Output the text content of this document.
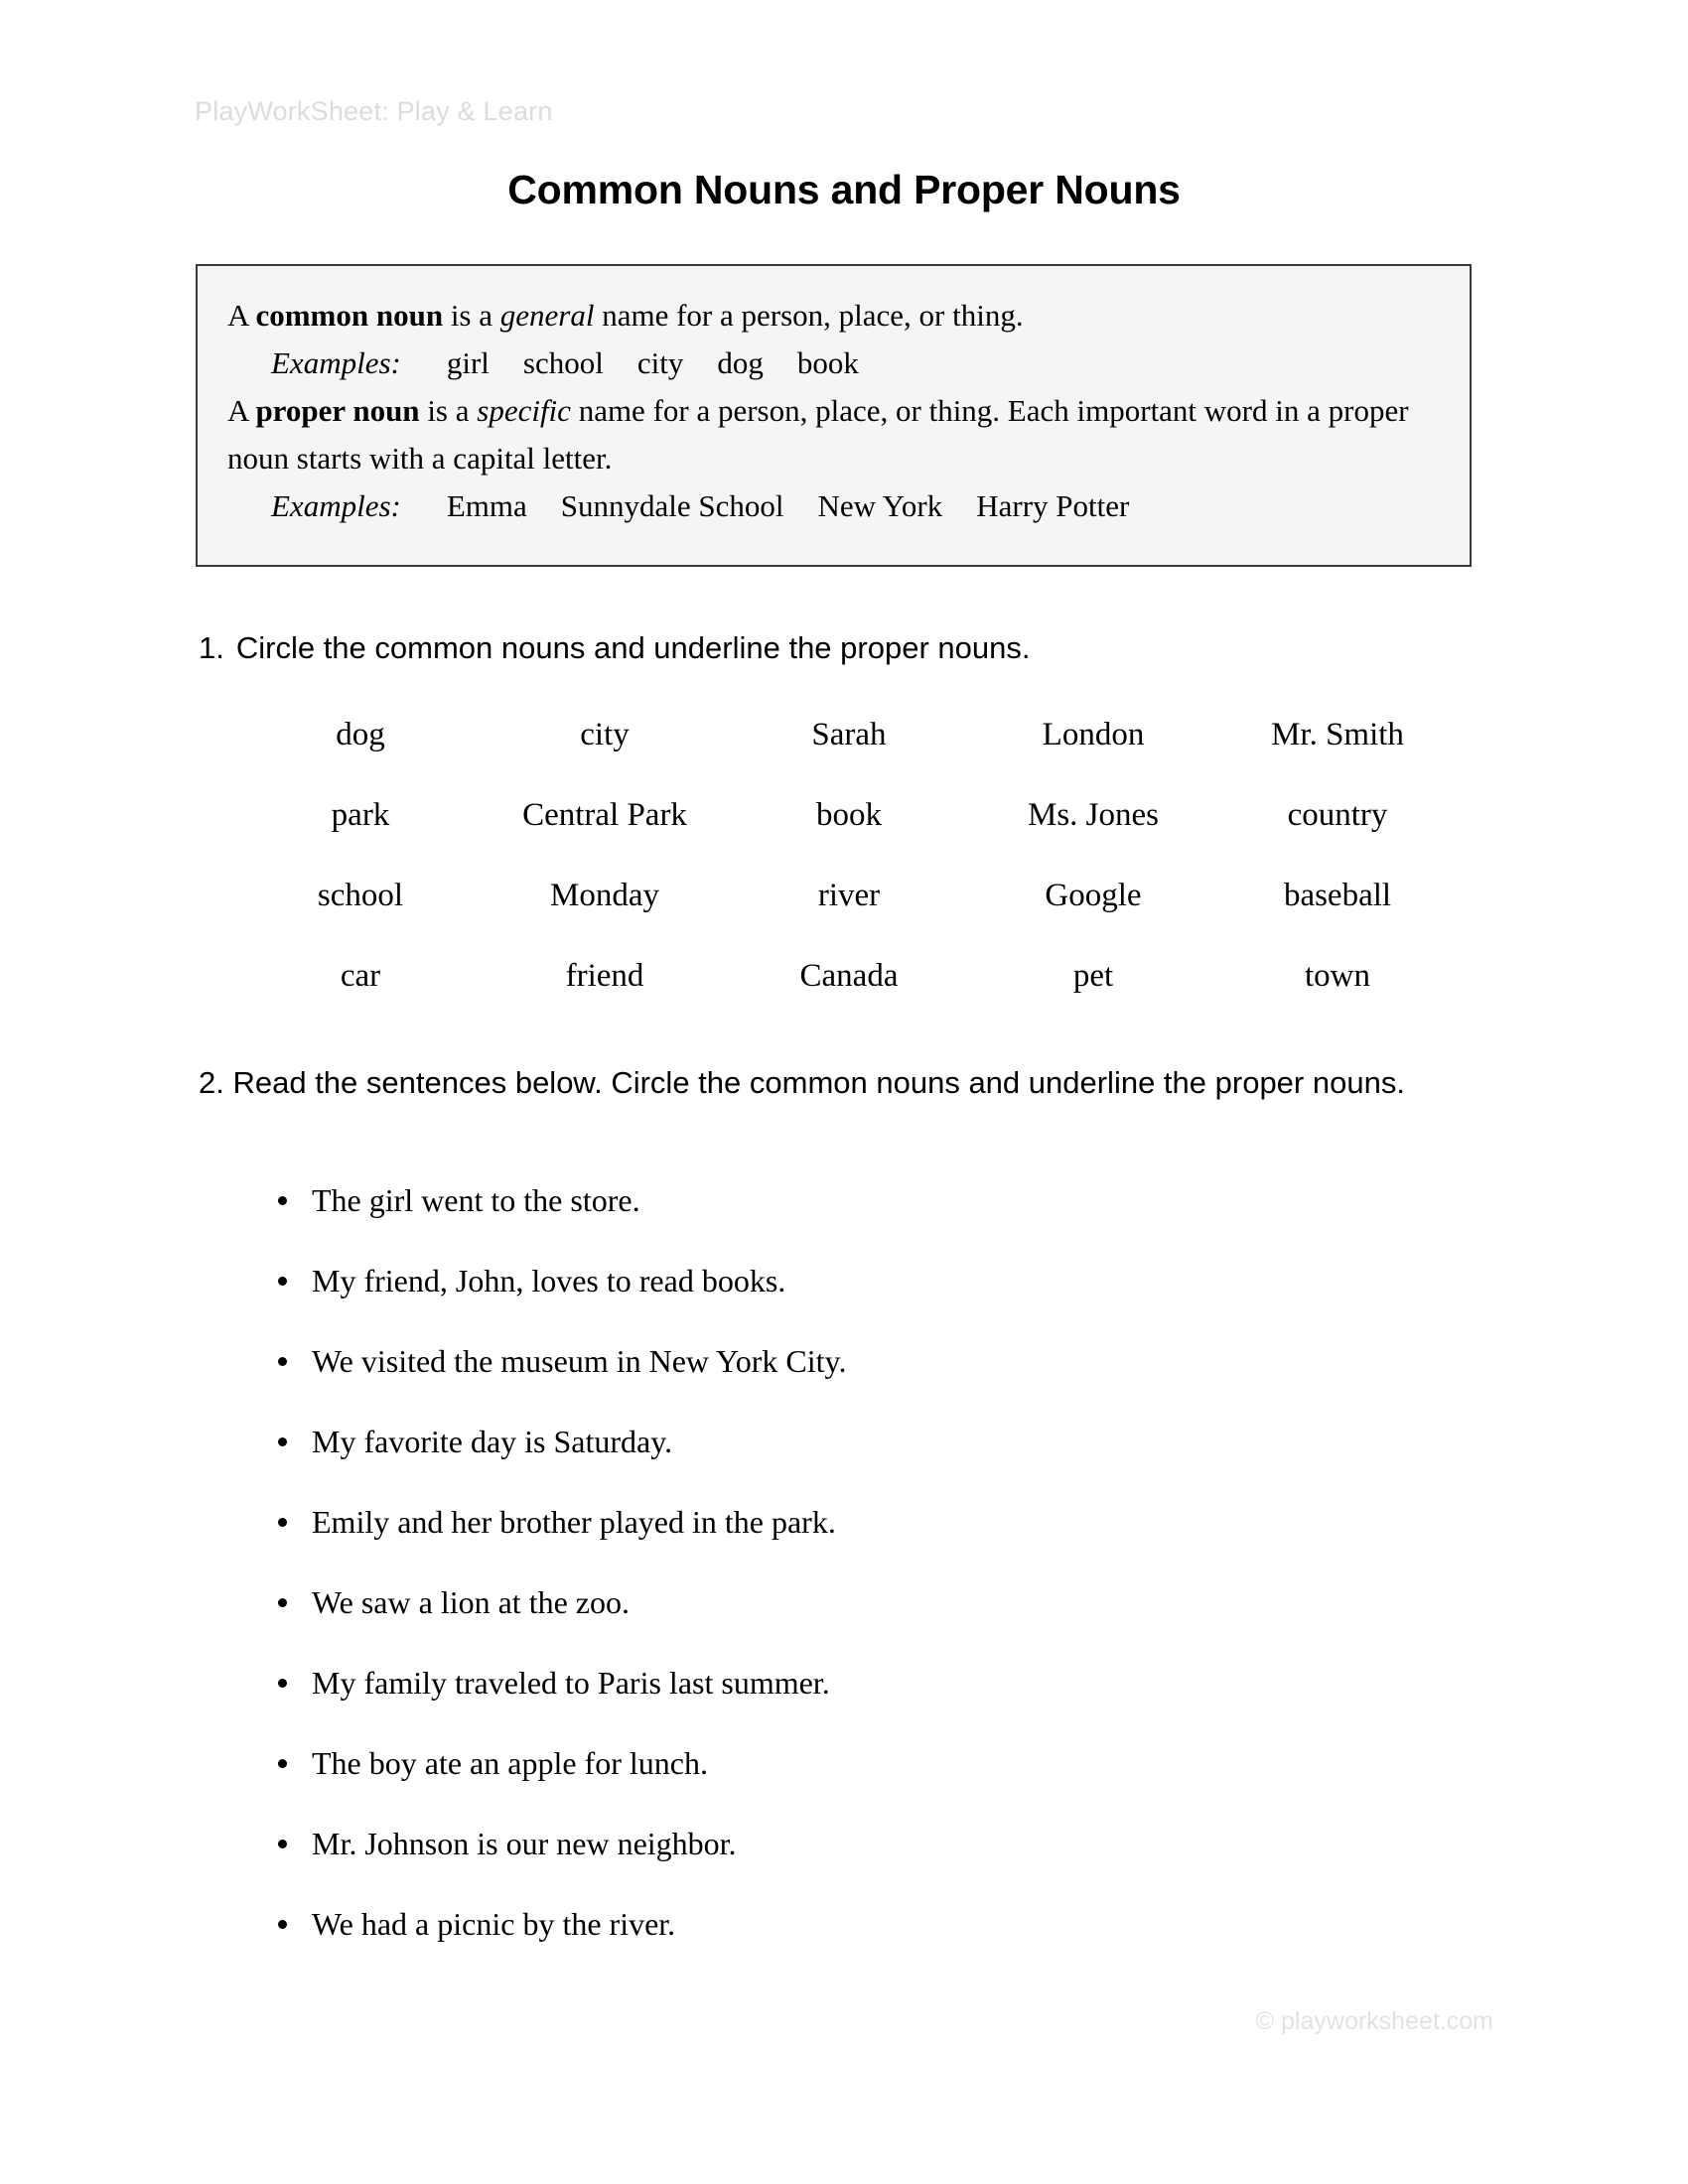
PlayWorkSheet: Play & Learn
Common Nouns and Proper Nouns
A common noun is a general name for a person, place, or thing.
Examples: girl school city dog book
A proper noun is a specific name for a person, place, or thing. Each important word in a proper noun starts with a capital letter.
Examples: Emma Sunnydale School New York Harry Potter
1. Circle the common nouns and underline the proper nouns.
dog	city	Sarah	London	Mr. Smith
park	Central Park	book	Ms. Jones	country
school	Monday	river	Google	baseball
car	friend	Canada	pet	town
2. Read the sentences below. Circle the common nouns and underline the proper nouns.
The girl went to the store.
My friend, John, loves to read books.
We visited the museum in New York City.
My favorite day is Saturday.
Emily and her brother played in the park.
We saw a lion at the zoo.
My family traveled to Paris last summer.
The boy ate an apple for lunch.
Mr. Johnson is our new neighbor.
We had a picnic by the river.
© playworksheet.com
